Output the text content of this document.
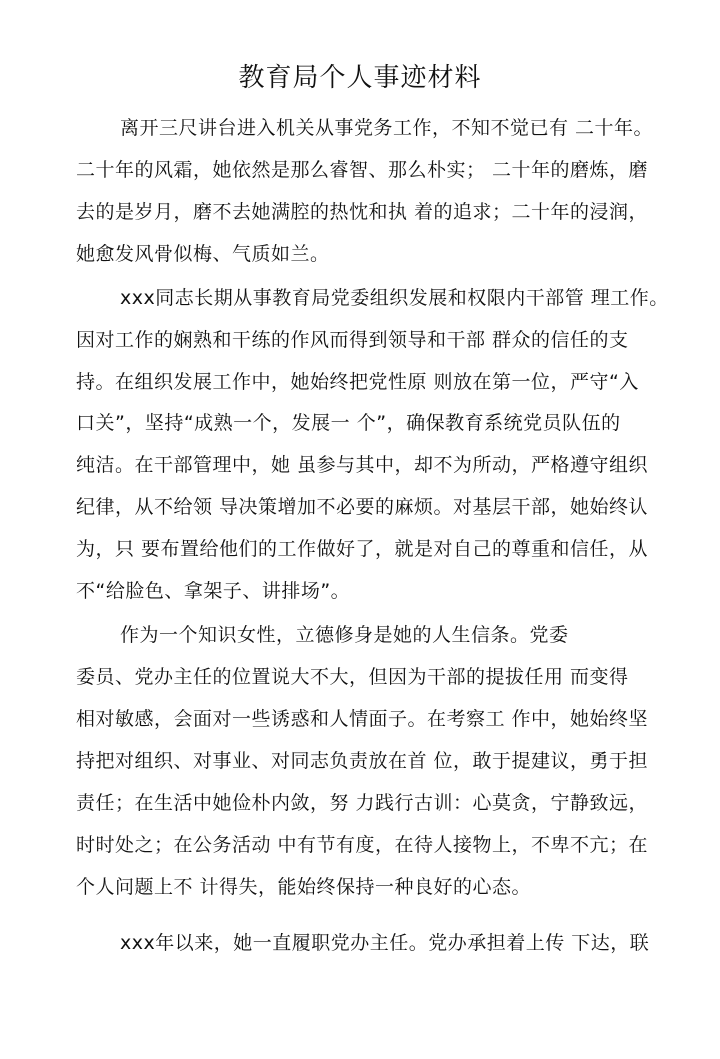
教育局个人事迹材料
离开三尺讲台进入机关从事党务工作，不知不觉已有 二十年。
二十年的风霜，她依然是那么睿智、那么朴实； 二十年的磨炼，磨
去的是岁月，磨不去她满腔的热忱和执 着的追求；二十年的浸润，
她愈发风骨似梅、气质如兰。
xxx同志长期从事教育局党委组织发展和权限内干部管 理工作。
因对工作的娴熟和干练的作风而得到领导和干部 群众的信任的支
持。在组织发展工作中，她始终把党性原 则放在第一位，严守“入
口关”，坚持“成熟一个，发展一 个”，确保教育系统党员队伍的
纯洁。在干部管理中，她 虽参与其中，却不为所动，严格遵守组织
纪律，从不给领 导决策增加不必要的麻烦。对基层干部，她始终认
为，只 要布置给他们的工作做好了，就是对自己的尊重和信任，从
不“给脸色、拿架子、讲排场”。
作为一个知识女性，立德修身是她的人生信条。党委
委员、党办主任的位置说大不大，但因为干部的提拔任用 而变得
相对敏感，会面对一些诱惑和人情面子。在考察工 作中，她始终坚
持把对组织、对事业、对同志负责放在首 位，敢于提建议，勇于担
责任；在生活中她俭朴内敛，努 力践行古训：心莫贪，宁静致远，
时时处之；在公务活动 中有节有度，在待人接物上，不卑不亢；在
个人问题上不 计得失，能始终保持一种良好的心态。
xxx年以来，她一直履职党办主任。党办承担着上传 下达，联
